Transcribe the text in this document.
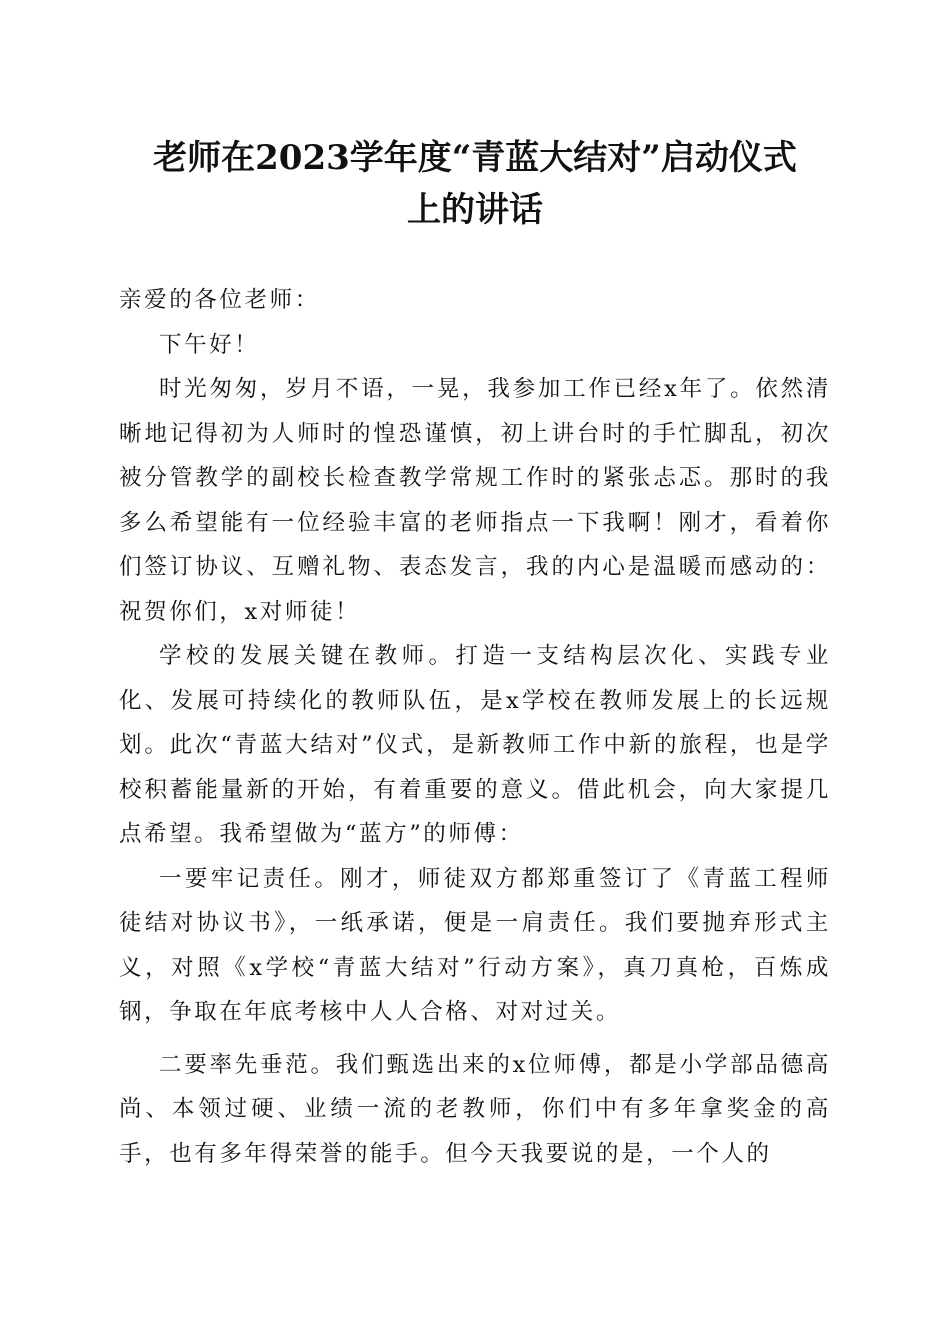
老师在2023学年度“青蓝大结对”启动仪式
上的讲话

亲爱的各位老师：

下午好！

时光匆匆，岁月不语，一晃，我参加工作已经x年了。依然清晰地记得初为人师时的惶恐谨慎，初上讲台时的手忙脚乱，初次被分管教学的副校长检查教学常规工作时的紧张忐忑。那时的我多么希望能有一位经验丰富的老师指点一下我啊！刚才，看着你们签订协议、互赠礼物、表态发言，我的内心是温暖而感动的：祝贺你们，x对师徒！

学校的发展关键在教师。打造一支结构层次化、实践专业化、发展可持续化的教师队伍，是x学校在教师发展上的长远规划。此次“青蓝大结对”仪式，是新教师工作中新的旅程，也是学校积蓄能量新的开始，有着重要的意义。借此机会，向大家提几点希望。我希望做为“蓝方”的师傅：

一要牢记责任。刚才，师徒双方都郑重签订了《青蓝工程师徒结对协议书》，一纸承诺，便是一肩责任。我们要抛弃形式主义，对照《x学校“青蓝大结对”行动方案》，真刀真枪，百炼成钢，争取在年底考核中人人合格、对对过关。

二要率先垂范。我们甄选出来的x位师傅，都是小学部品德高尚、本领过硬、业绩一流的老教师，你们中有多年拿奖金的高手，也有多年得荣誉的能手。但今天我要说的是，一个人的
